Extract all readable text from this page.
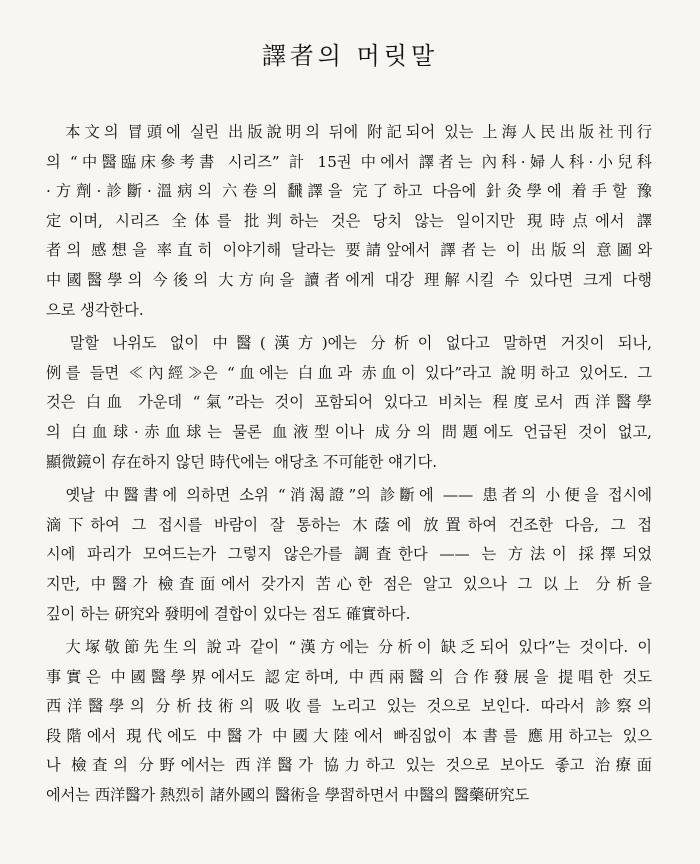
譯者의 머릿말

　本文의 冒頭에 실린 出版說明의 뒤에 附記되어 있는 上海人民出版社刊行
의 “中醫臨床參考書 시리즈” 計 15권 中에서 譯者는 內科·婦人科·小兒科
·方劑·診斷·溫病의 六卷의 飜譯을 完了하고 다음에 針灸學에 着手할 豫
定이며, 시리즈 全体를 批判하는 것은 당치 않는 일이지만 現時点에서 譯
者의 感想을 率直히 이야기해 달라는 要請앞에서 譯者는 이 出版의 意圖와
中國醫學의 今後의 大方向을 讀者에게 대강 理解시킬 수 있다면 크게 다행
으로 생각한다.

　말할 나위도 없이 中醫(漢方)에는 分析이 없다고 말하면 거짓이 되나,
例를 들면 ≪內經≫은 “血에는 白血과 赤血이 있다”라고 說明하고 있어도. 그
것은 白血 가운데 “氣”라는 것이 포함되어 있다고 비치는 程度로서 西洋醫學
의 白血球·赤血球는 물론 血液型이나 成分의 問題에도 언급된 것이 없고,
顯微鏡이 存在하지 않던 時代에는 애당초 不可能한 얘기다.

　옛날 中醫書에 의하면 소위 “消渴證”의 診斷에 —— 患者의 小便을 접시에
滴下하여 그 접시를 바람이 잘 통하는 木蔭에 放置하여 건조한 다음, 그 접
시에 파리가 모여드는가 그렇지 않은가를 調査한다 —— 는 方法이 採擇되었
지만, 中醫가 檢査面에서 갖가지 苦心한 점은 알고 있으나 그 以上 分析을
깊이 하는 硏究와 發明에 결합이 있다는 점도 確實하다.

　大塚敬節先生의 說과 같이 “漢方에는 分析이 缺乏되어 있다”는 것이다. 이
事實은 中國醫學界에서도 認定하며, 中西兩醫의 合作發展을 提唱한 것도
西洋醫學의 分析技術의 吸收를 노리고 있는 것으로 보인다. 따라서 診察의
段階에서 現代에도 中醫가 中國大陸에서 빠짐없이 本書를 應用하고는 있으
나 檢査의 分野에서는 西洋醫가 協力하고 있는 것으로 보아도 좋고 治療面
에서는 西洋醫가 熱烈히 諸外國의 醫術을 學習하면서 中醫의 醫藥研究도
